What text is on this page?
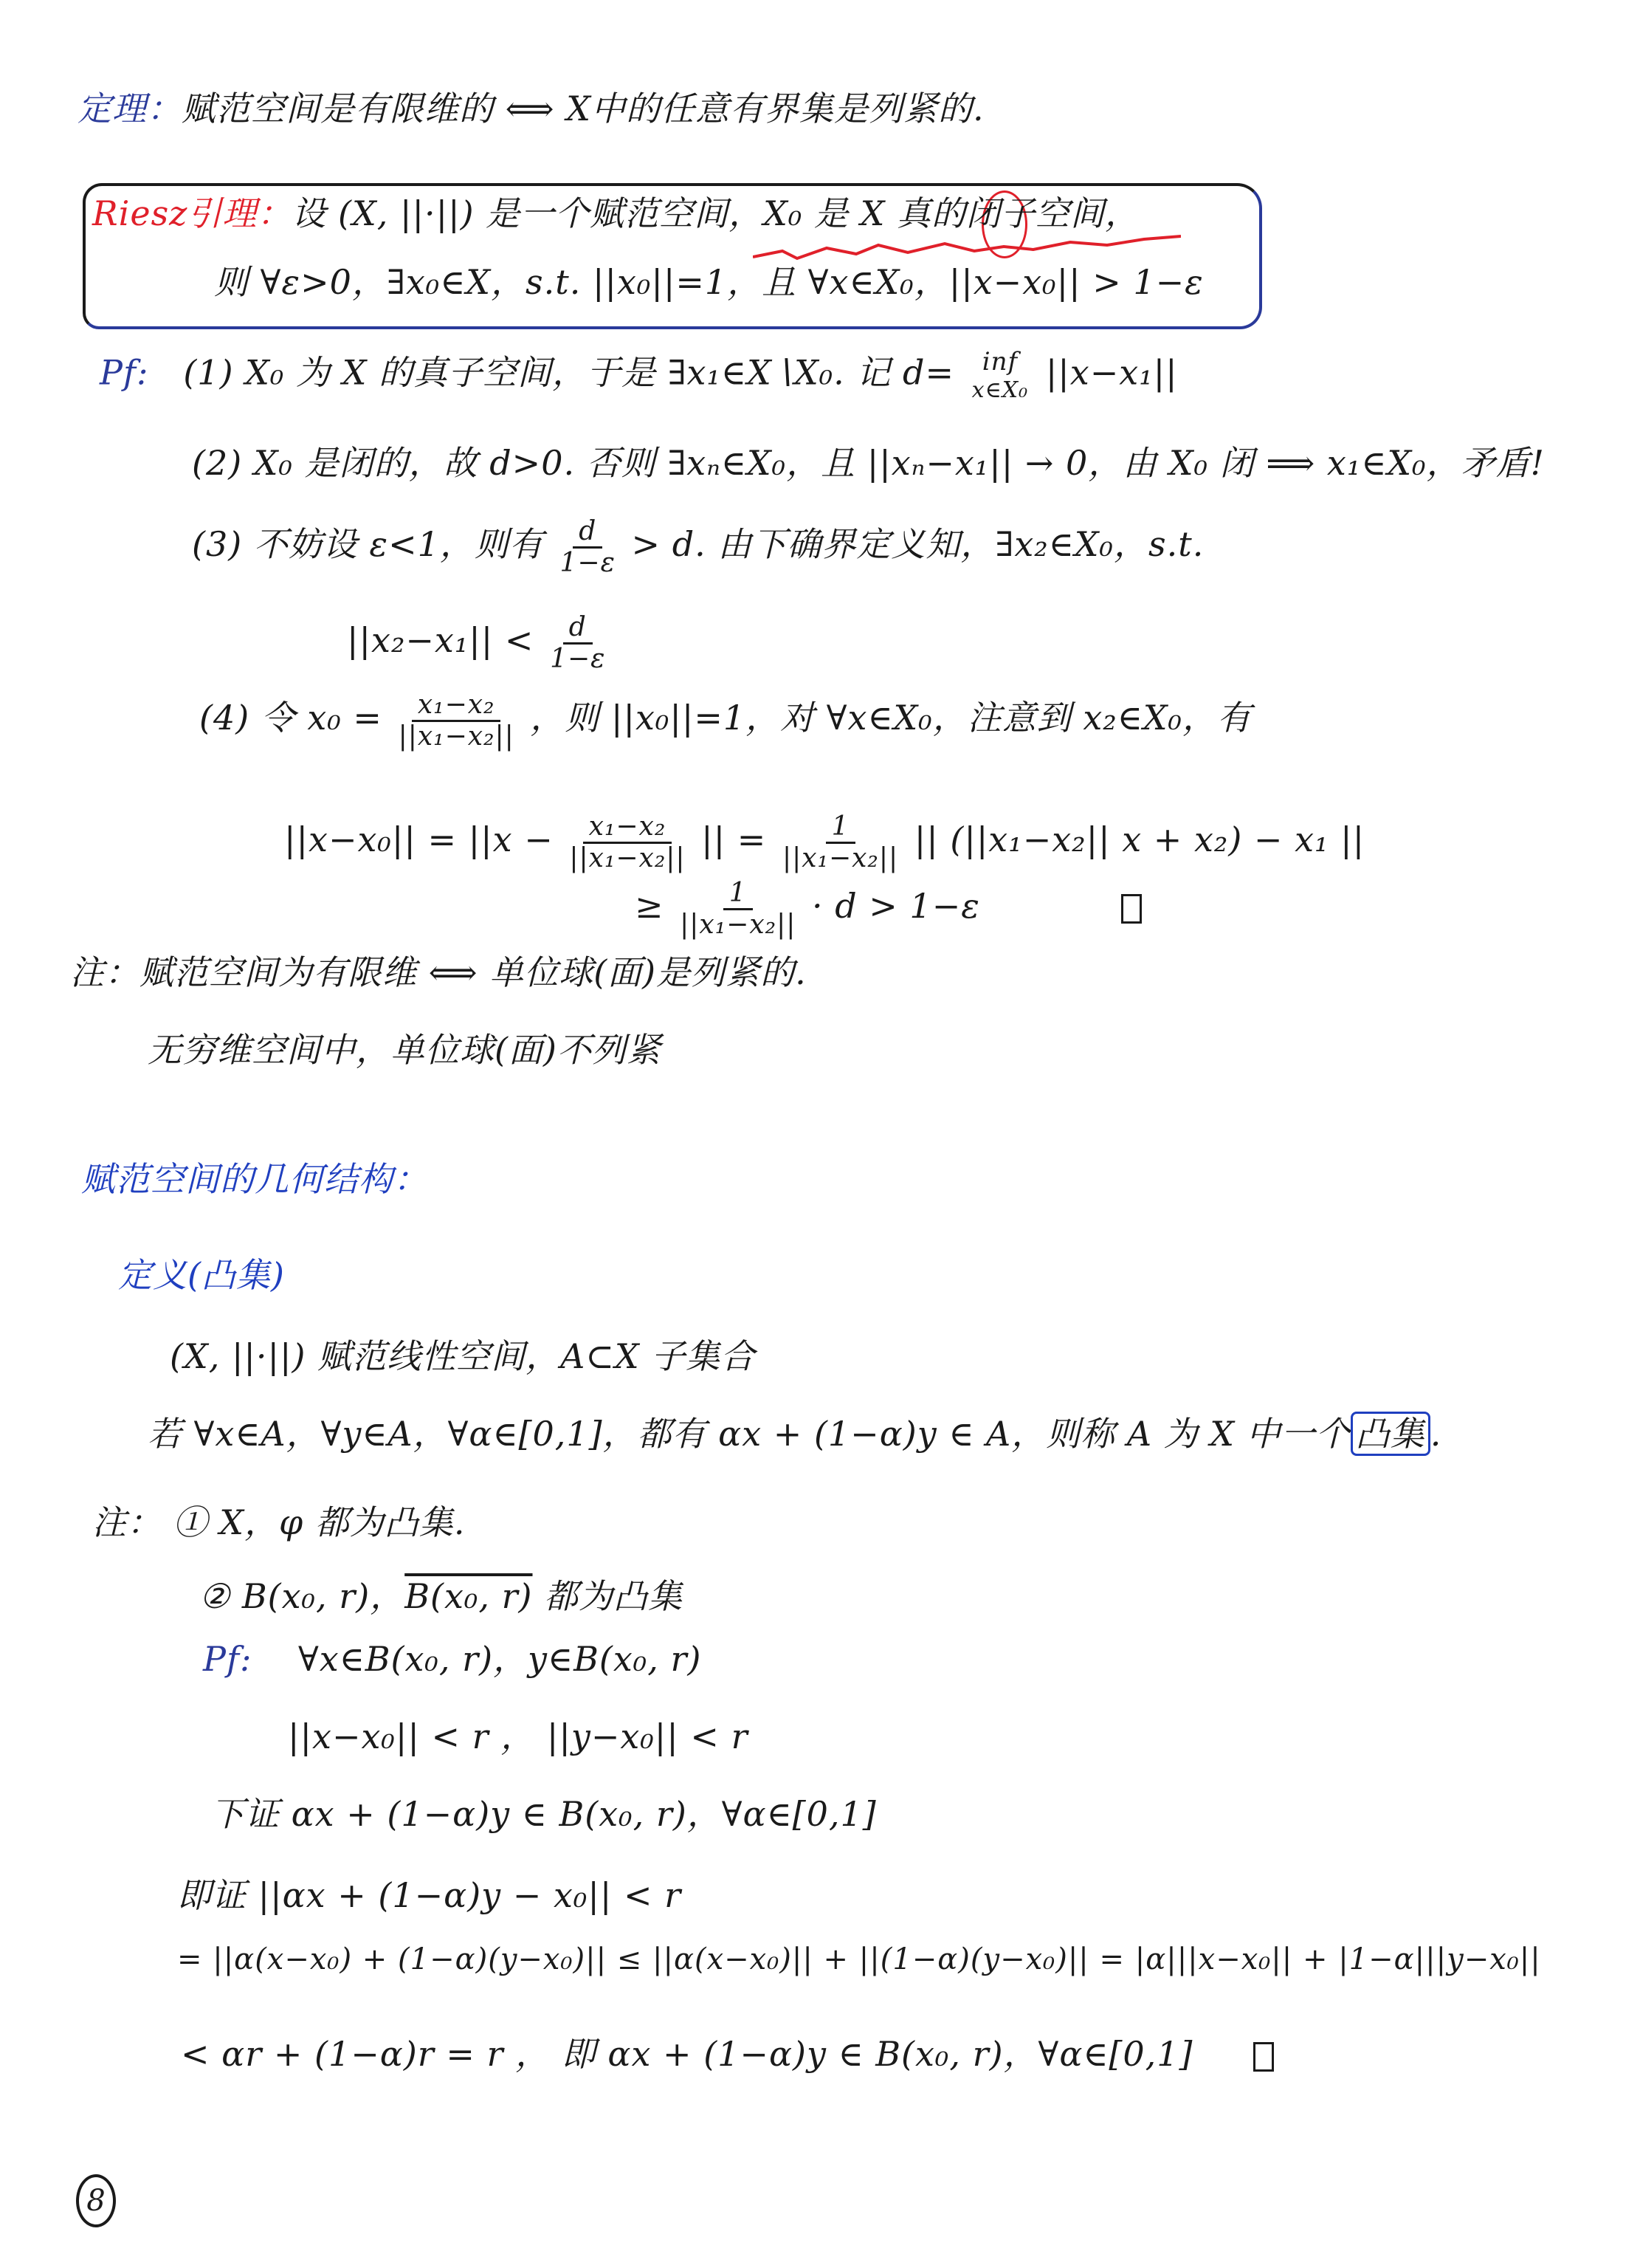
定理：赋范空间是有限维的 ⟺ X中的任意有界集是列紧的.
Riesz引理：设 (X, ||·||) 是一个赋范空间，X₀ 是 X 真的闭子空间，
则 ∀ε>0，∃x₀∈X，s.t. ||x₀||=1，且 ∀x∈X₀，||x−x₀|| > 1−ε
Pf: (1) X₀ 为 X 的真子空间，于是 ∃x₁∈X∖X₀. 记 d= inf
x∈X₀ ||x−x₁||
(2) X₀ 是闭的，故 d>0. 否则 ∃xₙ∈X₀，且 ||xₙ−x₁|| → 0，由 X₀ 闭 ⟹ x₁∈X₀，矛盾!
(3) 不妨设 ε<1，则有 $\frac{d}{1-\varepsilon} > d$. 由下确界定义知，∃x₂∈X₀，s.t.
$||x_2-x_1|| < \frac{d}{1-\varepsilon}$
(4) 令 $x_0 = \frac{\text{x₁−x₂}}{\text{||x₁−x₂||}}$ ，则 ||x₀||=1，对 ∀x∈X₀，注意到 x₂∈X₀，有
$||x-x_0|| = ||x - \frac{\text{x₁−x₂}}{\text{||x₁−x₂||}}$ || = $\frac{1}{\text{||x₁−x₂||}}$ || (||x₁−x₂|| x + x₂) − x₁ ||
≥ $\frac{1}{\text{||x₁−x₂||}} \cdot d > 1-\varepsilon$
注：赋范空间为有限维 ⟺ 单位球(面)是列紧的.
无穷维空间中，单位球(面)不列紧
赋范空间的几何结构：
定义(凸集)
(X, ||·||) 赋范线性空间，A⊂X 子集合
若 ∀x∈A，∀y∈A，∀α∈[0,1]，都有 αx + (1−α)y ∈ A，则称 A 为 X 中一个 凸集 .
注： ① X，φ 都为凸集.
② B(x₀, r)，B(x₀, r) 都为凸集
Pf: ∀x∈B(x₀, r)，y∈B(x₀, r)
||x−x₀|| < r ， ||y−x₀|| < r
下证 αx + (1−α)y ∈ B(x₀, r)，∀α∈[0,1]
即证 ||αx + (1−α)y − x₀|| < r
= ||α(x−x₀) + (1−α)(y−x₀)|| ≤ ||α(x−x₀)|| + ||(1−α)(y−x₀)|| = |α|||x−x₀|| + |1−α|||y−x₀||
< αr + (1−α)r = r ， 即 αx + (1−α)y ∈ B(x₀, r)，∀α∈[0,1]
8
